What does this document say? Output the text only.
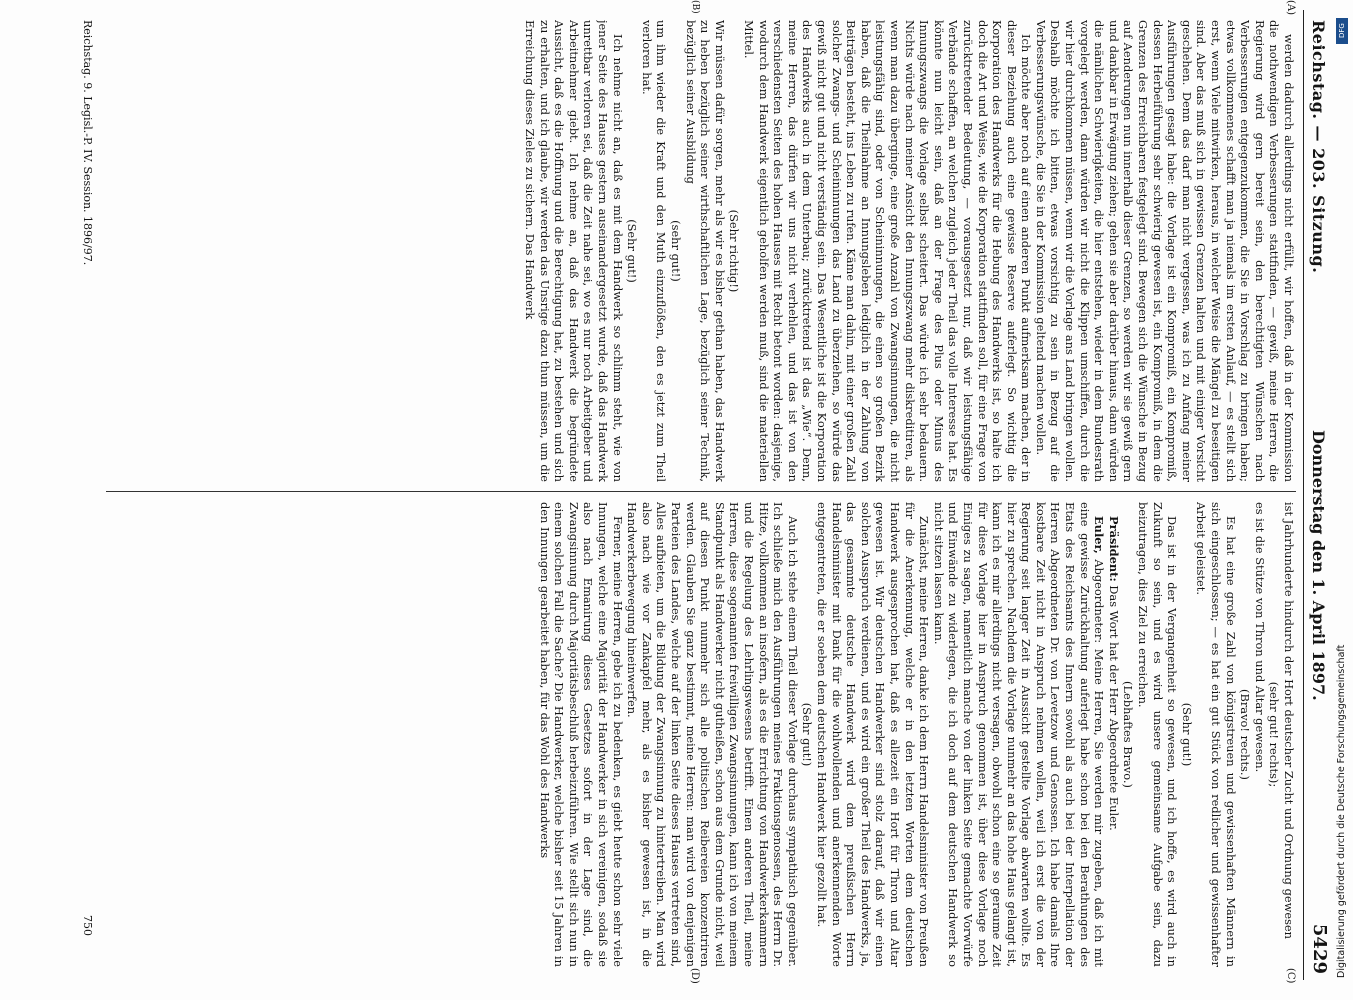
Reichstag. — 203. Sitzung.
Donnerstag den 1. April 1897.
5429
(A)
(B)
(C)
(D)

werden dadurch allerdings nicht erfüllt, wir hoffen, daß in der Kommission die nothwendigen Verbesserungen stattfinden, — gewiß, meine Herren, die Regierung wird gern bereit sein, den berechtigten Wünschen nach Verbesserungen entgegenzukommen, die Sie in Vorschlag zu bringen haben; etwas vollkommenes schafft man ja niemals im ersten Anlauf, — es stellt sich erst, wenn Viele mitwirken, heraus, in welcher Weise die Mängel zu beseitigen sind. Aber das muß sich in gewissen Grenzen halten und mit einiger Vorsicht geschehen. Denn das darf man nicht vergessen, was ich zu Anfang meiner Ausführungen gesagt habe: die Vorlage ist ein Kompromiß, ein Kompromiß, dessen Herbeiführung sehr schwierig gewesen ist, ein Kompromiß, in dem die Grenzen des Erreichbaren festgelegt sind. Bewegen sich die Wünsche in Bezug auf Aenderungen nun innerhalb dieser Grenzen, so werden wir sie gewiß gern und dankbar in Erwägung ziehen; gehen sie aber darüber hinaus, dann würden die nämlichen Schwierigkeiten, die hier entstehen, wieder in dem Bundesrath vorgelegt werden, dann würden wir nicht die Klippen umschiffen, durch die wir hier durchkommen müssen, wenn wir die Vorlage ans Land bringen wollen. Deshalb möchte ich bitten, etwas vorsichtig zu sein in Bezug auf die Verbesserungswünsche, die Sie in der Kommission geltend machen wollen.

Ich möchte aber noch auf einen anderen Punkt aufmerksam machen, der in dieser Beziehung auch eine gewisse Reserve auferlegt. So wichtig die Korporation des Handwerks für die Hebung des Handwerks ist, so halte ich doch die Art und Weise, wie die Korporation stattfinden soll, für eine Frage von zurücktretender Bedeutung, — vorausgesetzt nur, daß wir leistungsfähige Verbände schaffen, an welchen zugleich jeder Theil das volle Interesse hat. Es könnte nun leicht sein, daß an der Frage des Plus oder Minus des Innungszwangs die Vorlage selbst scheitert. Das würde ich sehr bedauern. Nichts würde nach meiner Ansicht den Innungszwang mehr diskreditiren, als wenn man dazu überginge, eine große Anzahl von Zwangsinnungen, die nicht leistungsfähig sind, oder von Scheininnungen, die einen so großen Bezirk haben, daß die Theilnahme an Innungsleben lediglich in der Zahlung von Beiträgen besteht, ins Leben zu rufen. Käme man dahin, mit einer großen Zahl solcher Zwangs- und Scheininnungen das Land zu überziehen, so würde das gewiß nicht gut und nicht verständig sein. Das Wesentliche ist die Korporation des Handwerks auch in dem Unterbau; zurücktretend ist das „Wie“. Denn, meine Herren, das dürfen wir uns nicht verhehlen, und das ist von den verschiedensten Seiten des hohen Hauses mit Recht betont worden: dasjenige, wodurch dem Handwerk eigentlich geholfen werden muß, sind die materiellen Mittel.

(Sehr richtig!)

Wir müssen dafür sorgen, mehr als wir es bisher gethan haben, das Handwerk zu heben bezüglich seiner wirthschaftlichen Lage, bezüglich seiner Technik, bezüglich seiner Ausbildung

(sehr gut!)

um ihm wieder die Kraft und den Muth einzuflößen, den es jetzt zum Theil verloren hat.

(Sehr gut!)

Ich nehme nicht an, daß es mit dem Handwerk so schlimm steht, wie von jener Seite des Hauses gestern auseinandergesetzt wurde, daß das Handwerk unrettbar verloren sei, daß die Zeit nahe sei, wo es nur noch Arbeitgeber und Arbeitnehmer giebt. Ich nehme an, daß das Handwerk die begründete Aussicht, daß es die Hoffnung und die Berechtigung hat, zu bestehen und sich zu erhalten, und ich glaube, wir werden das Unsrige dazu thun müssen, um die Erreichung dieses Zieles zu sichern. Das Handwerk

ist Jahrhunderte hindurch der Hort deutscher Zucht und Ordnung gewesen

(sehr gut! rechts);

es ist die Stütze von Thron und Altar gewesen.

(Bravo! rechts.)

Es hat eine große Zahl von königstreuen und gewissenhaften Männern in sich eingeschlossen; — es hat ein gut Stück von redlicher und gewissenhafter Arbeit geleistet.

(Sehr gut!)

Das ist in der Vergangenheit so gewesen, und ich hoffe, es wird auch in Zukunft so sein, und es wird unsere gemeinsame Aufgabe sein, dazu beizutragen, dies Ziel zu erreichen.

(Lebhaftes Bravo.)

Präsident: Das Wort hat der Herr Abgeordnete Euler.

Euler, Abgeordneter: Meine Herren, Sie werden mir zugeben, daß ich mit eine gewisse Zurückhaltung auferlegt habe schon bei den Berathungen des Etats des Reichsamts des Innern sowohl als auch bei der Interpellation der Herren Abgeordneten Dr. von Levetzow und Genossen. Ich habe damals Ihre kostbare Zeit nicht in Anspruch nehmen wollen, weil ich erst die von der Regierung seit langer Zeit in Aussicht gestellte Vorlage abwarten wollte. Es hier zu sprechen. Nachdem die Vorlage nunmehr an das hohe Haus gelangt ist, kann ich es mir allerdings nicht versagen, obwohl schon eine so geraume Zeit für diese Vorlage hier in Anspruch genommen ist, über diese Vorlage noch Einiges zu sagen, namentlich manche von der linken Seite gemachte Vorwürfe und Einwände zu widerlegen, die ich doch auf dem deutschen Handwerk so nicht sitzen lassen kann.

Zunächst, meine Herren, danke ich dem Herrn Handelsminister von Preußen für die Anerkennung, welche er in den letzten Worten dem deutschen Handwerk ausgesprochen hat, daß es allezeit ein Hort für Thron und Altar gewesen ist. Wir deutschen Handwerker sind stolz darauf, daß wir einen solchen Ausspruch verdienen, und es wird ein großer Theil des Handwerks, ja, das gesammte deutsche Handwerk wird dem preußischen Herrn Handelsminister mit Dank für die wohlwollenden und anerkennenden Worte entgegentreten, die er soeben dem deutschen Handwerk hier gezollt hat.

(Sehr gut!)

Auch ich stehe einem Theil dieser Vorlage durchaus sympathisch gegenüber. Ich schließe mich den Ausführungen meines Fraktionsgenossen, des Herrn Dr. Hitze, vollkommen an insofern, als es die Errichtung von Handwerkerkammern und die Regelung des Lehrlingswesens betrifft. Einen anderen Theil, meine Herren, diese sogenannten freiwilligen Zwangsinnungen, kann ich von meinem Standpunkt als Handwerker nicht gutheißen, schon aus dem Grunde nicht, weil auf diesen Punkt nunmehr sich alle politischen Reibereien konzentriren werden. Glauben Sie ganz bestimmt, meine Herren: man wird von denjenigen Parteien des Landes, welche auf der linken Seite dieses Hauses vertreten sind, Alles aufbieten, um die Bildung der Zwangsinnung zu hintertreiben. Man wird also nach wie vor Zankapfel mehr, als es bisher gewesen ist, in die Handwerkerbewegung hineinwerfen.

Ferner, meine Herren, gebe ich zu bedenken, es giebt heute schon sehr viele Innungen, welche eine Majorität der Handwerker in sich vereinigen, sodaß sie also nach Emanirung dieses Gesetzes sofort in der Lage sind, die Zwangsinnung durch Majoritätsbeschluß herbeizuführen. Wie stellt sich nun in einem solchen Fall die Sache? Die Handwerker, welche bisher seit 15 Jahren in den Innungen gearbeitet haben, für das Wohl des Handwerks

Reichstag. 9. Legisl.-P. IV. Session. 1896/97.
750	Digitalisierung gefördert durch die Deutsche Forschungsgemeinschaft
DFG
